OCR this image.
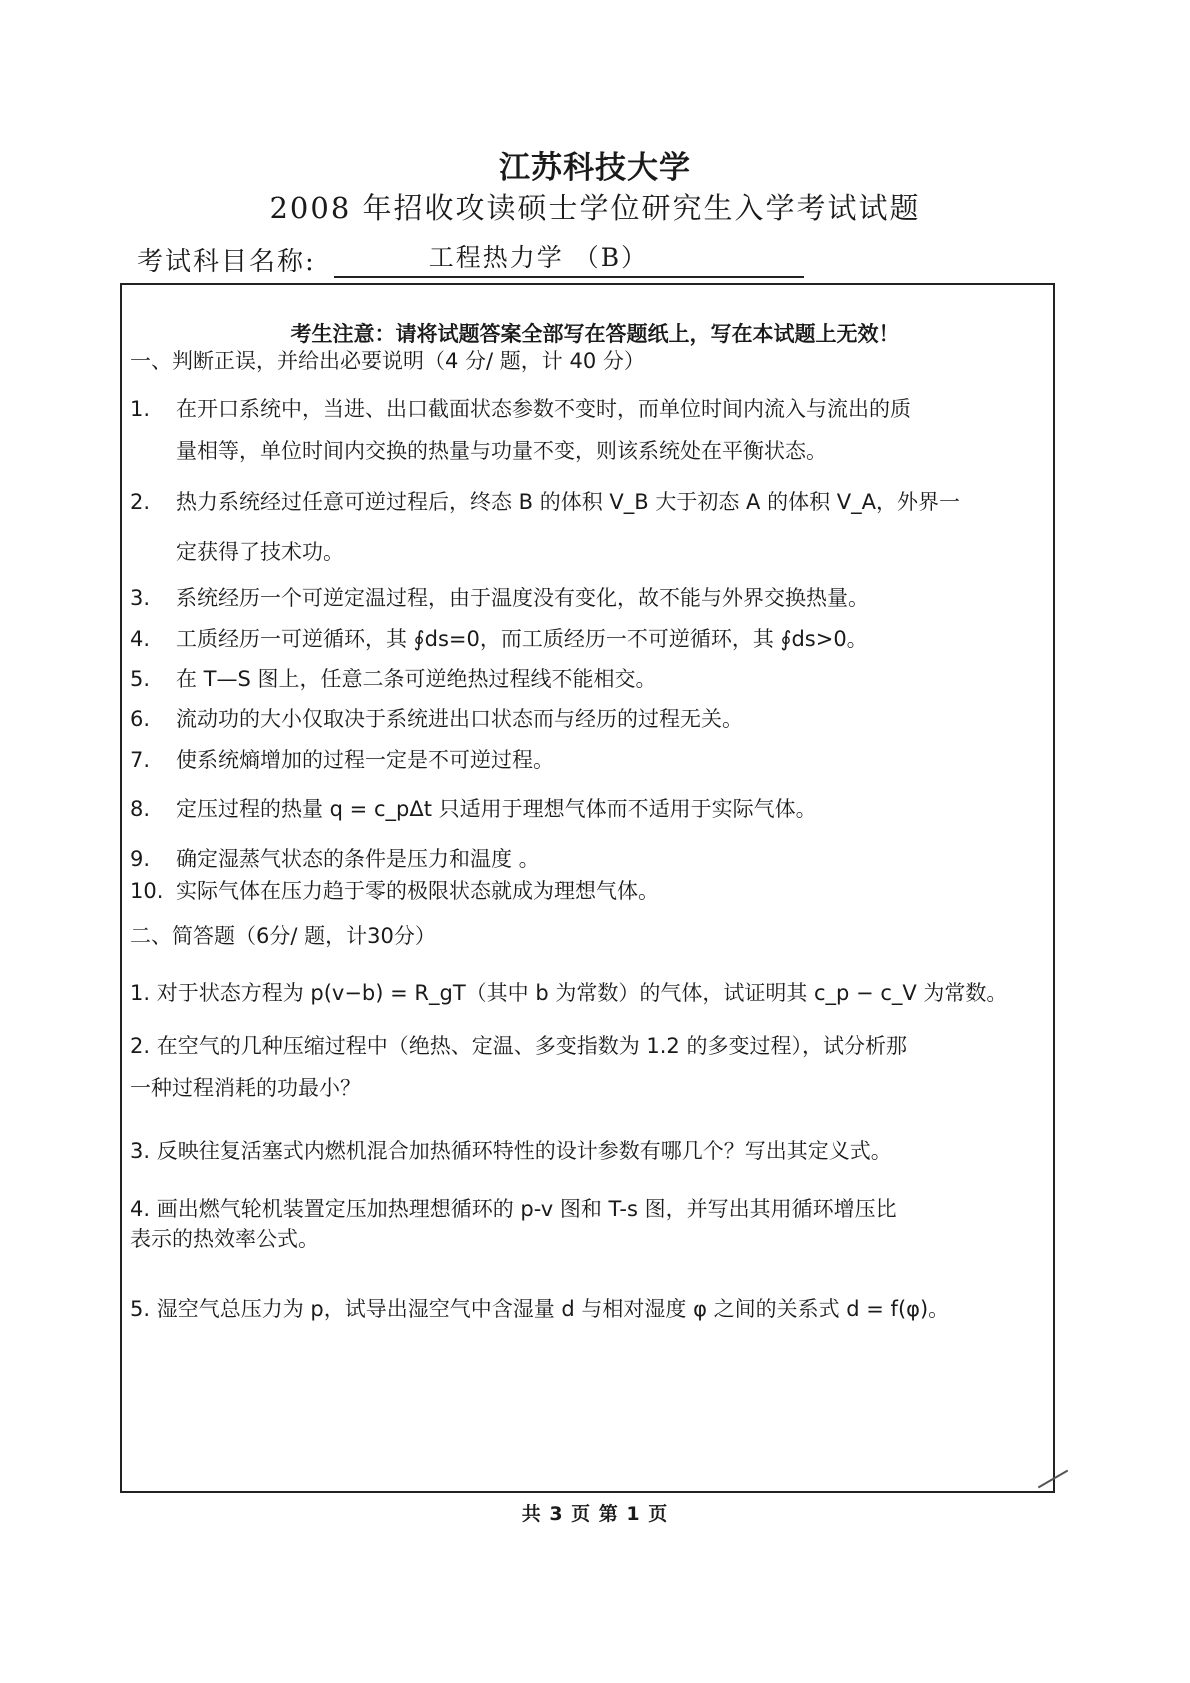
江苏科技大学
2008 年招收攻读硕士学位研究生入学考试试题
考试科目名称:	工程热力学 （B）
考生注意：请将试题答案全部写在答题纸上，写在本试题上无效！
一、判断正误，并给出必要说明（4 分/ 题，计 40 分）
1. 在开口系统中，当进、出口截面状态参数不变时，而单位时间内流入与流出的质
量相等，单位时间内交换的热量与功量不变，则该系统处在平衡状态。
2. 热力系统经过任意可逆过程后，终态 B 的体积 V_B 大于初态 A 的体积 V_A，外界一
定获得了技术功。
3. 系统经历一个可逆定温过程，由于温度没有变化，故不能与外界交换热量。
4. 工质经历一可逆循环，其 ∮ds=0，而工质经历一不可逆循环，其 ∮ds>0。
5. 在 T—S 图上，任意二条可逆绝热过程线不能相交。
6. 流动功的大小仅取决于系统进出口状态而与经历的过程无关。
7. 使系统熵增加的过程一定是不可逆过程。
8. 定压过程的热量 q = c_pΔt 只适用于理想气体而不适用于实际气体。
9. 确定湿蒸气状态的条件是压力和温度 。
10. 实际气体在压力趋于零的极限状态就成为理想气体。
二、简答题（6分/ 题，计30分）
1. 对于状态方程为 p(v−b) = R_gT（其中 b 为常数）的气体，试证明其 c_p − c_V 为常数。
2. 在空气的几种压缩过程中（绝热、定温、多变指数为 1.2 的多变过程），试分析那
一种过程消耗的功最小？
3. 反映往复活塞式内燃机混合加热循环特性的设计参数有哪几个？写出其定义式。
4. 画出燃气轮机装置定压加热理想循环的 p-v 图和 T-s 图，并写出其用循环增压比
表示的热效率公式。
5. 湿空气总压力为 p，试导出湿空气中含湿量 d 与相对湿度 φ 之间的关系式 d = f(φ)。
共 3 页 第 1 页
